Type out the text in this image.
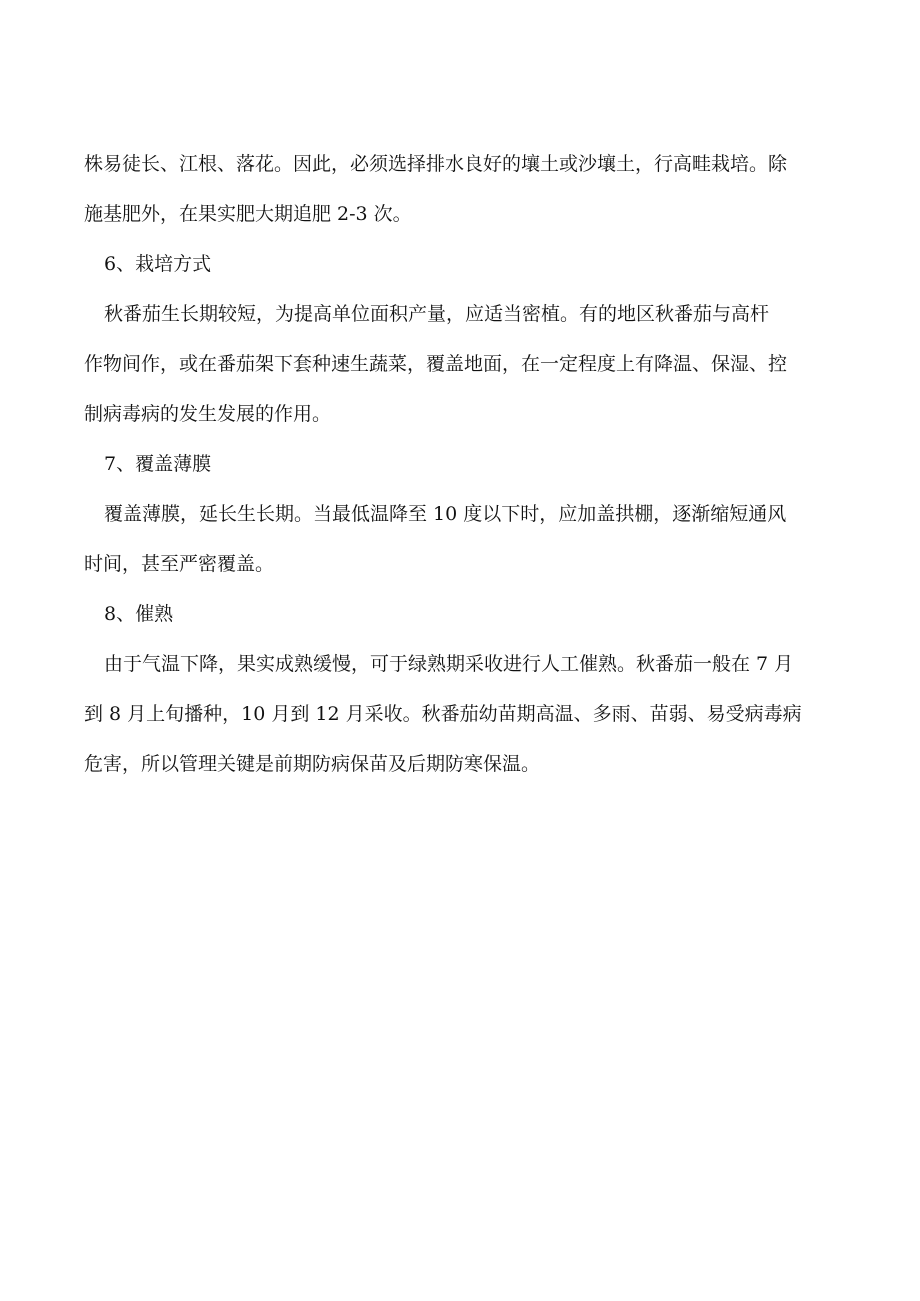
株易徒长、江根、落花。因此，必须选择排水良好的壤土或沙壤土，行高畦栽培。除
施基肥外，在果实肥大期追肥 2-3 次。
6、栽培方式
秋番茄生长期较短，为提高单位面积产量，应适当密植。有的地区秋番茄与高杆
作物间作，或在番茄架下套种速生蔬菜，覆盖地面，在一定程度上有降温、保湿、控
制病毒病的发生发展的作用。
7、覆盖薄膜
覆盖薄膜，延长生长期。当最低温降至 10 度以下时，应加盖拱棚，逐渐缩短通风
时间，甚至严密覆盖。
8、催熟
由于气温下降，果实成熟缓慢，可于绿熟期采收进行人工催熟。秋番茄一般在 7 月
到 8 月上旬播种，10 月到 12 月采收。秋番茄幼苗期高温、多雨、苗弱、易受病毒病
危害，所以管理关键是前期防病保苗及后期防寒保温。
